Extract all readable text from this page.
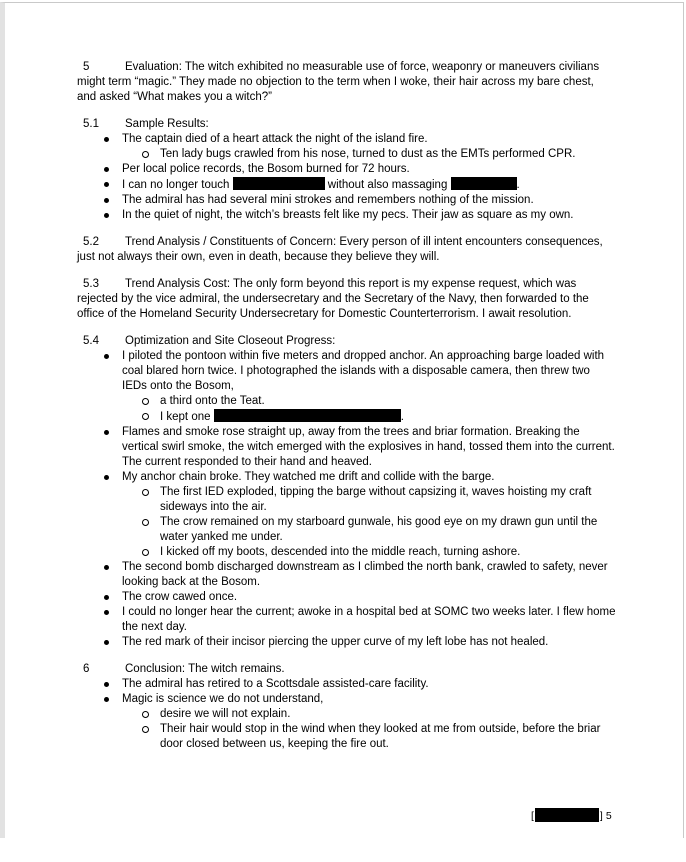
5	Evaluation: The witch exhibited no measurable use of force, weaponry or maneuvers civilians might term “magic.” They made no objection to the term when I woke, their hair across my bare chest, and asked “What makes you a witch?”
5.1 Sample Results:
The captain died of a heart attack the night of the island fire.
Ten lady bugs crawled from his nose, turned to dust as the EMTs performed CPR.
Per local police records, the Bosom burned for 72 hours.
I can no longer touch	without also massaging	.
The admiral has had several mini strokes and remembers nothing of the mission.
In the quiet of night, the witch’s breasts felt like my pecs. Their jaw as square as my own.
5.2 Trend Analysis / Constituents of Concern: Every person of ill intent encounters consequences, just not always their own, even in death, because they believe they will.
5.3 Trend Analysis Cost: The only form beyond this report is my expense request, which was rejected by the vice admiral, the undersecretary and the Secretary of the Navy, then forwarded to the office of the Homeland Security Undersecretary for Domestic Counterterrorism. I await resolution.
5.4 Optimization and Site Closeout Progress:
I piloted the pontoon within five meters and dropped anchor. An approaching barge loaded with coal blared horn twice. I photographed the islands with a disposable camera, then threw two IEDs onto the Bosom,
a third onto the Teat.
I kept one	.
Flames and smoke rose straight up, away from the trees and briar formation. Breaking the vertical swirl smoke, the witch emerged with the explosives in hand, tossed them into the current. The current responded to their hand and heaved.
My anchor chain broke. They watched me drift and collide with the barge.
The first IED exploded, tipping the barge without capsizing it, waves hoisting my craft sideways into the air.
The crow remained on my starboard gunwale, his good eye on my drawn gun until the water yanked me under.
I kicked off my boots, descended into the middle reach, turning ashore.
The second bomb discharged downstream as I climbed the north bank, crawled to safety, never looking back at the Bosom.
The crow cawed once.
I could no longer hear the current; awoke in a hospital bed at SOMC two weeks later. I flew home the next day.
The red mark of their incisor piercing the upper curve of my left lobe has not healed.
6	Conclusion: The witch remains.
The admiral has retired to a Scottsdale assisted-care facility.
Magic is science we do not understand,
desire we will not explain.
Their hair would stop in the wind when they looked at me from outside, before the briar door closed between us, keeping the fire out.
[	] 5
